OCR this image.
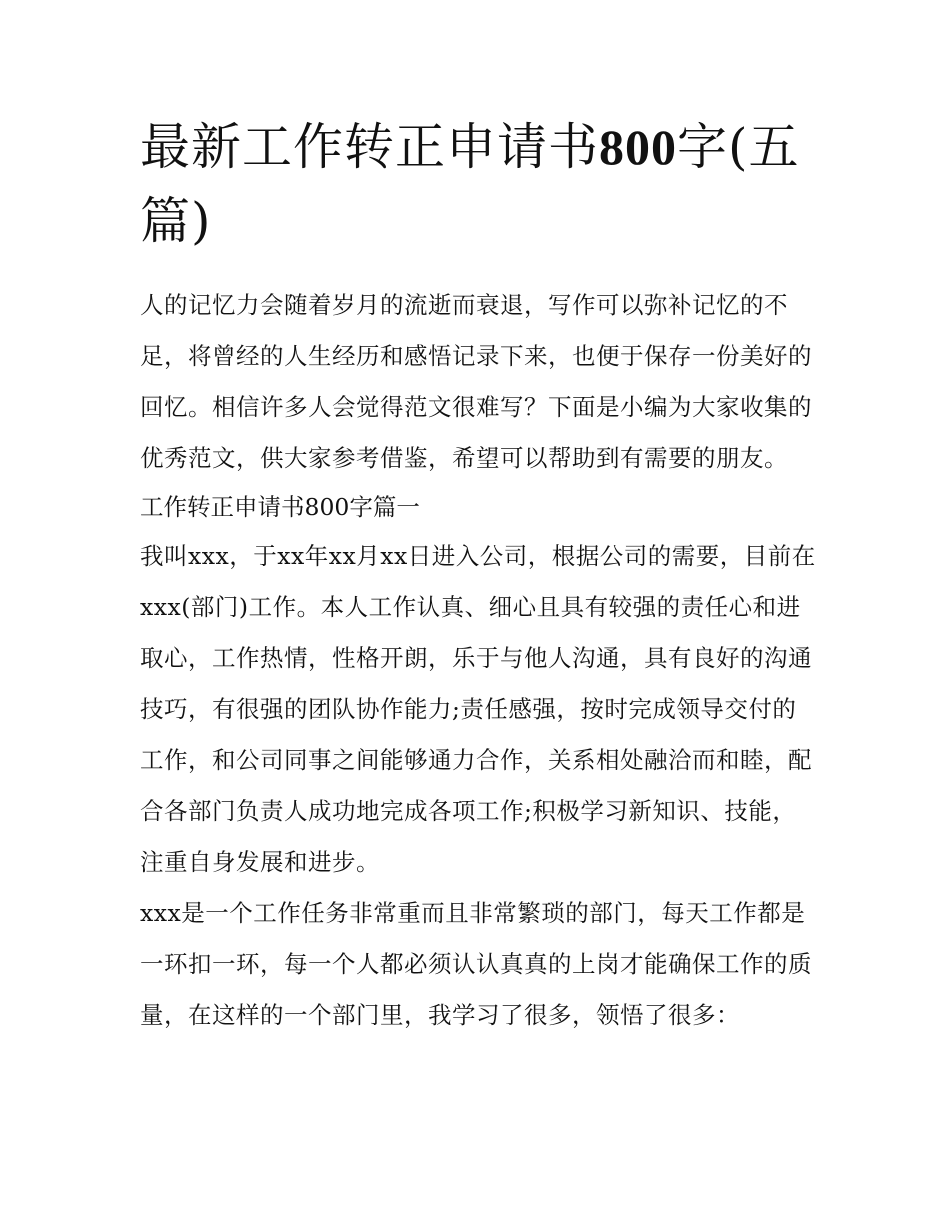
最新工作转正申请书800字(五篇)

人的记忆力会随着岁月的流逝而衰退，写作可以弥补记忆的不足，将曾经的人生经历和感悟记录下来，也便于保存一份美好的回忆。相信许多人会觉得范文很难写？下面是小编为大家收集的优秀范文，供大家参考借鉴，希望可以帮助到有需要的朋友。

工作转正申请书800字篇一

我叫xxx，于xx年xx月xx日进入公司，根据公司的需要，目前在xxx(部门)工作。本人工作认真、细心且具有较强的责任心和进取心，工作热情，性格开朗，乐于与他人沟通，具有良好的沟通技巧，有很强的团队协作能力;责任感强，按时完成领导交付的工作，和公司同事之间能够通力合作，关系相处融洽而和睦，配合各部门负责人成功地完成各项工作;积极学习新知识、技能，注重自身发展和进步。

xxx是一个工作任务非常重而且非常繁琐的部门，每天工作都是一环扣一环，每一个人都必须认认真真的上岗才能确保工作的质量，在这样的一个部门里，我学习了很多，领悟了很多：
